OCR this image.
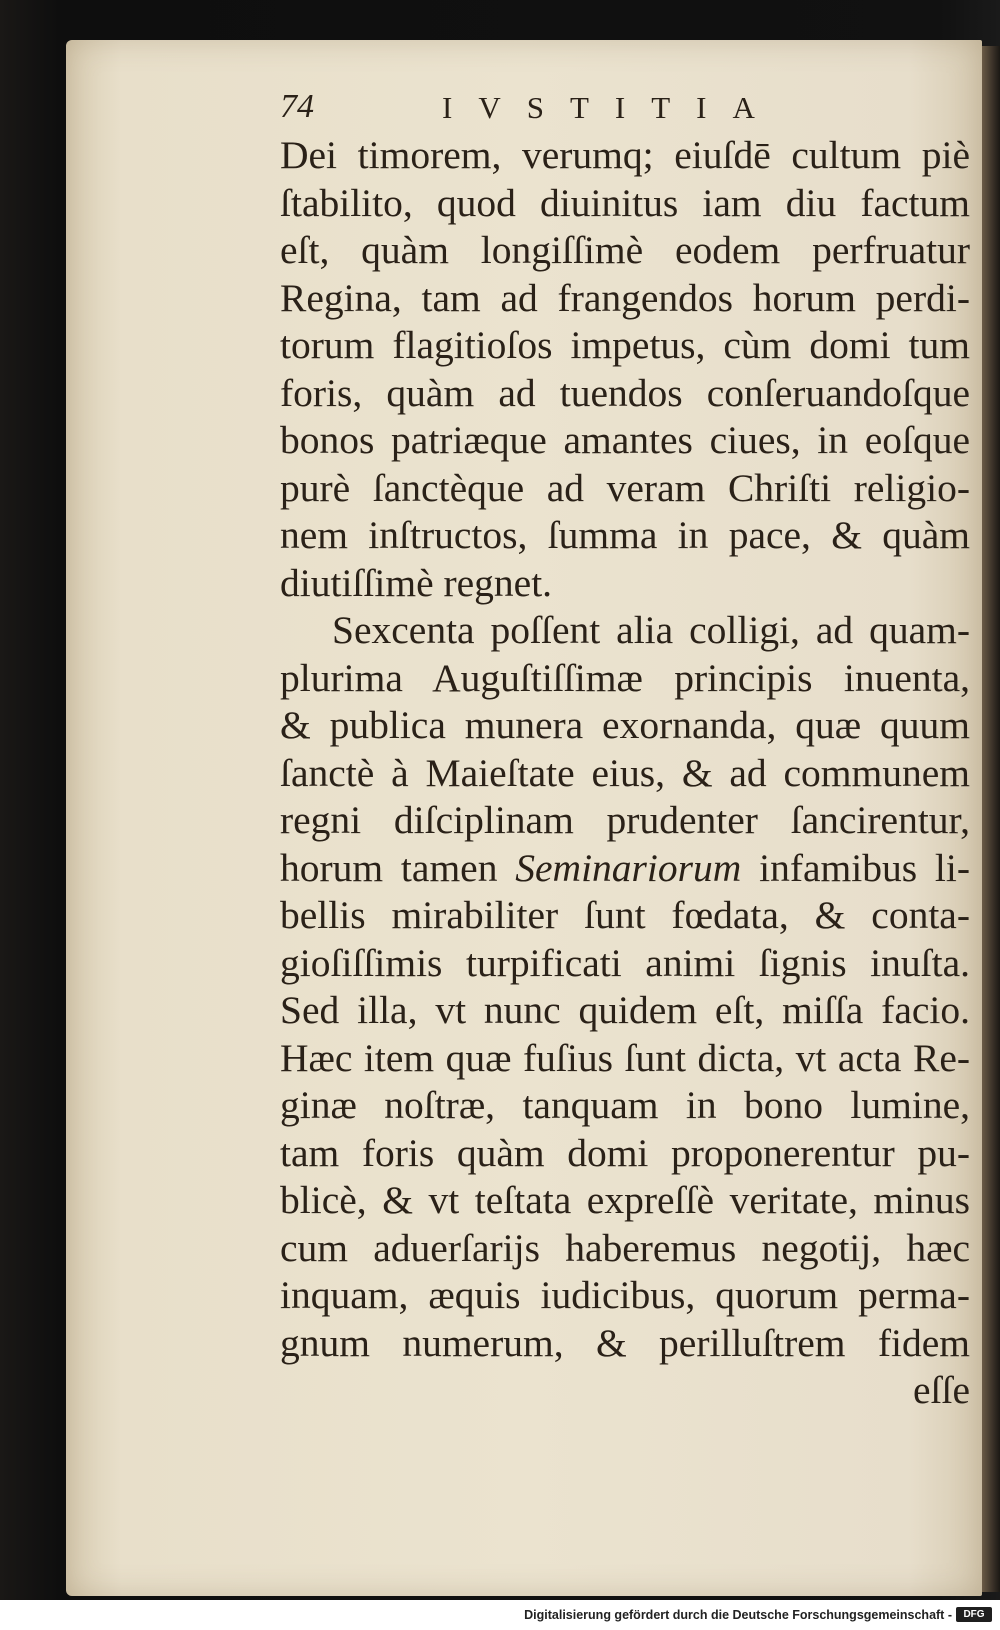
74	IVSTITIA
Dei timorem, verumq; eiuſdē cultum piè
ſtabilito, quod diuinitus iam diu factum
eſt, quàm longiſſimè eodem perfruatur
Regina, tam ad frangendos horum perdi-
torum flagitioſos impetus, cùm domi tum
foris, quàm ad tuendos conſeruandoſque
bonos patriæque amantes ciues, in eoſque
purè ſanctèque ad veram Chriſti religio-
nem inſtructos, ſumma in pace, & quàm
diutiſſimè regnet.
Sexcenta poſſent alia colligi, ad quam-
plurima Auguſtiſſimæ principis inuenta,
& publica munera exornanda, quæ quum
ſanctè à Maieſtate eius, & ad communem
regni diſciplinam prudenter ſancirentur,
horum tamen Seminariorum infamibus li-
bellis mirabiliter ſunt fœdata, & conta-
gioſiſſimis turpificati animi ſignis inuſta.
Sed illa, vt nunc quidem eſt, miſſa facio.
Hæc item quæ fuſius ſunt dicta, vt acta Re-
ginæ noſtræ, tanquam in bono lumine,
tam foris quàm domi proponerentur pu-
blicè, & vt teſtata expreſſè veritate, minus
cum aduerſarijs haberemus negotij, hæc
inquam, æquis iudicibus, quorum perma-
gnum numerum, & perilluſtrem fidem
eſſe
Digitalisierung gefördert durch die Deutsche Forschungsgemeinschaft -	DFG
